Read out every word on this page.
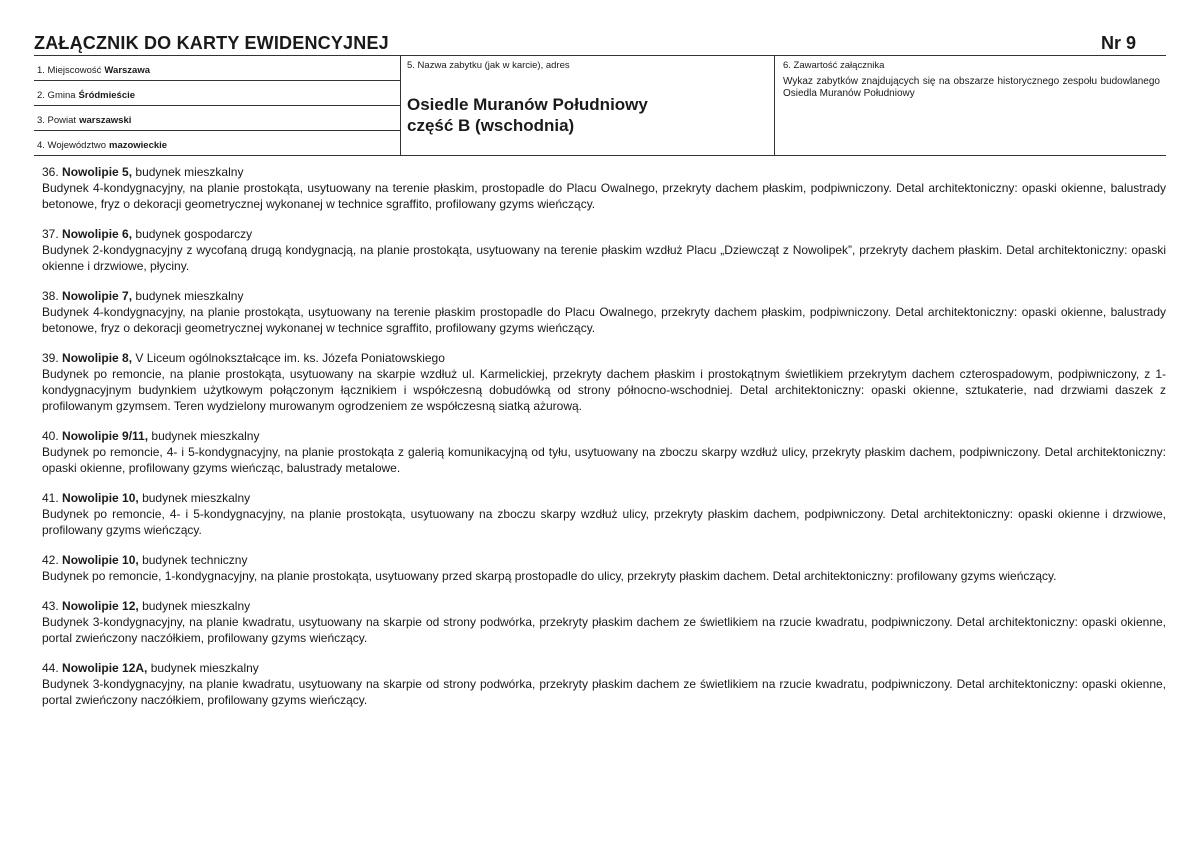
ZAŁĄCZNIK DO KARTY EWIDENCYJNEJ	Nr 9
1. Miejscowość Warszawa
2. Gmina Śródmieście
3. Powiat warszawski
4. Województwo mazowieckie
5. Nazwa zabytku (jak w karcie), adres
Osiedle Muranów Południowy
część B (wschodnia)
6. Zawartość załącznika
Wykaz zabytków znajdujących się na obszarze historycznego zespołu budowlanego Osiedla Muranów Południowy
36. Nowolipie 5, budynek mieszkalny
Budynek 4-kondygnacyjny, na planie prostokąta, usytuowany na terenie płaskim, prostopadle do Placu Owalnego, przekryty dachem płaskim, podpiwniczony. Detal architektoniczny: opaski okienne, balustrady betonowe, fryz o dekoracji geometrycznej wykonanej w technice sgraffito, profilowany gzyms wieńczący.
37. Nowolipie 6, budynek gospodarczy
Budynek 2-kondygnacyjny z wycofaną drugą kondygnacją, na planie prostokąta, usytuowany na terenie płaskim wzdłuż Placu „Dziewcząt z Nowolipek”, przekryty dachem płaskim. Detal architektoniczny: opaski okienne i drzwiowe, płyciny.
38. Nowolipie 7, budynek mieszkalny
Budynek 4-kondygnacyjny, na planie prostokąta, usytuowany na terenie płaskim prostopadle do Placu Owalnego, przekryty dachem płaskim, podpiwniczony. Detal architektoniczny: opaski okienne, balustrady betonowe, fryz o dekoracji geometrycznej wykonanej w technice sgraffito, profilowany gzyms wieńczący.
39. Nowolipie 8, V Liceum ogólnokształcące im. ks. Józefa Poniatowskiego
Budynek po remoncie, na planie prostokąta, usytuowany na skarpie wzdłuż ul. Karmelickiej, przekryty dachem płaskim i prostokątnym świetlikiem przekrytym dachem czterospadowym, podpiwniczony, z 1-kondygnacyjnym budynkiem użytkowym połączonym łącznikiem i współczesną dobudówką od strony północno-wschodniej. Detal architektoniczny: opaski okienne, sztukaterie, nad drzwiami daszek z profilowanym gzymsem. Teren wydzielony murowanym ogrodzeniem ze współczesną siatką ażurową.
40. Nowolipie 9/11, budynek mieszkalny
Budynek po remoncie, 4- i 5-kondygnacyjny, na planie prostokąta z galerią komunikacyjną od tyłu, usytuowany na zboczu skarpy wzdłuż ulicy, przekryty płaskim dachem, podpiwniczony. Detal architektoniczny: opaski okienne, profilowany gzyms wieńcząc, balustrady metalowe.
41. Nowolipie 10, budynek mieszkalny
Budynek po remoncie, 4- i 5-kondygnacyjny, na planie prostokąta, usytuowany na zboczu skarpy wzdłuż ulicy, przekryty płaskim dachem, podpiwniczony. Detal architektoniczny: opaski okienne i drzwiowe, profilowany gzyms wieńczący.
42. Nowolipie 10, budynek techniczny
Budynek po remoncie, 1-kondygnacyjny, na planie prostokąta, usytuowany przed skarpą prostopadle do ulicy, przekryty płaskim dachem. Detal architektoniczny: profilowany gzyms wieńczący.
43. Nowolipie 12, budynek mieszkalny
Budynek 3-kondygnacyjny, na planie kwadratu, usytuowany na skarpie od strony podwórka, przekryty płaskim dachem ze świetlikiem na rzucie kwadratu, podpiwniczony. Detal architektoniczny: opaski okienne, portal zwieńczony naczółkiem, profilowany gzyms wieńczący.
44. Nowolipie 12A, budynek mieszkalny
Budynek 3-kondygnacyjny, na planie kwadratu, usytuowany na skarpie od strony podwórka, przekryty płaskim dachem ze świetlikiem na rzucie kwadratu, podpiwniczony. Detal architektoniczny: opaski okienne, portal zwieńczony naczółkiem, profilowany gzyms wieńczący.
